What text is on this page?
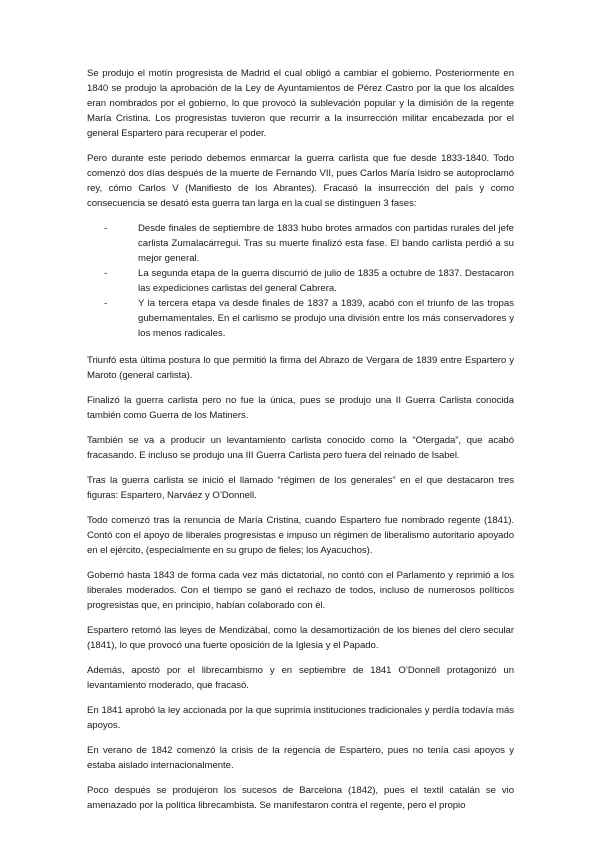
Se produjo el motín progresista de Madrid el cual obligó a cambiar el gobierno. Posteriormente en 1840 se produjo la aprobación de la Ley de Ayuntamientos de Pérez Castro por la que los alcaldes eran nombrados por el gobierno, lo que provocó la sublevación popular y la dimisión de la regente María Cristina. Los progresistas tuvieron que recurrir a la insurrección militar encabezada por el general Espartero para recuperar el poder.

Pero durante este periodo debemos enmarcar la guerra carlista que fue desde 1833-1840. Todo comenzó dos días después de la muerte de Fernando VII, pues Carlos María Isidro se autoproclamó rey, cómo Carlos V (Manifiesto de los Abrantes). Fracasó la insurrección del país y como consecuencia se desató esta guerra tan larga en la cual se distinguen 3 fases:

-	Desde finales de septiembre de 1833 hubo brotes armados con partidas rurales del jefe carlista Zumalacárregui. Tras su muerte finalizó esta fase. El bando carlista perdió a su mejor general.
-	La segunda etapa de la guerra discurrió de julio de 1835 a octubre de 1837. Destacaron las expediciones carlistas del general Cabrera.
-	Y la tercera etapa va desde finales de 1837 a 1839, acabó con el triunfo de las tropas gubernamentales. En el carlismo se produjo una división entre los más conservadores y los menos radicales.

Triunfó esta última postura lo que permitió la firma del Abrazo de Vergara de 1839 entre Espartero y Maroto (general carlista).

Finalizó la guerra carlista pero no fue la única, pues se produjo una II Guerra Carlista conocida también como Guerra de los Matiners.

También se va a producir un levantamiento carlista conocido como la “Otergada”, que acabó fracasando. E incluso se produjo una III Guerra Carlista pero fuera del reinado de Isabel.

Tras la guerra carlista se inició el llamado “régimen de los generales” en el que destacaron tres figuras: Espartero, Narváez y O’Donnell.

Todo comenzó tras la renuncia de María Cristina, cuando Espartero fue nombrado regente (1841). Contó con el apoyo de liberales progresistas e impuso un régimen de liberalismo autoritario apoyado en el ejército, (especialmente en su grupo de fieles; los Ayacuchos).

Gobernó hasta 1843 de forma cada vez más dictatorial, no contó con el Parlamento y reprimió a los liberales moderados. Con el tiempo se ganó el rechazo de todos, incluso de numerosos políticos progresistas que, en principio, habían colaborado con él.

Espartero retomó las leyes de Mendizábal, como la desamortización de los bienes del clero secular (1841), lo que provocó una fuerte oposición de la Iglesia y el Papado.

Además, apostó por el librecambismo y en septiembre de 1841 O’Donnell protagonizó un levantamiento moderado, que fracasó.

En 1841 aprobó la ley accionada por la que suprimía instituciones tradicionales y perdía todavía más apoyos.

En verano de 1842 comenzó la crisis de la regencia de Espartero, pues no tenía casi apoyos y estaba aislado internacionalmente.

Poco después se produjeron los sucesos de Barcelona (1842), pues el textil catalán se vio amenazado por la política librecambista. Se manifestaron contra el regente, pero el propio
